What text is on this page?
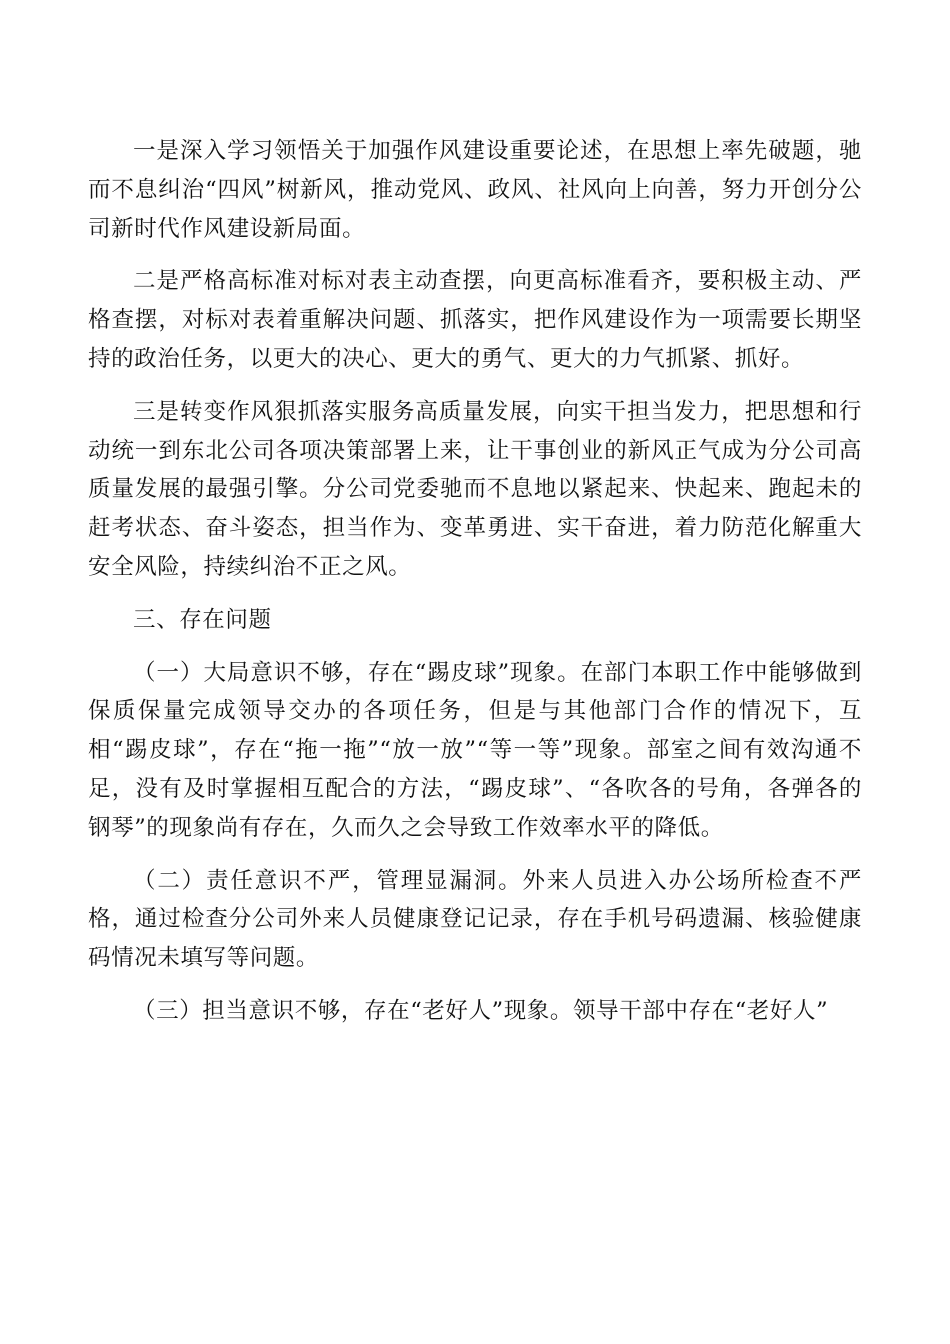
一是深入学习领悟关于加强作风建设重要论述，在思想上率先破题，驰而不息纠治“四风”树新风，推动党风、政风、社风向上向善，努力开创分公司新时代作风建设新局面。

二是严格高标准对标对表主动查摆，向更高标准看齐，要积极主动、严格查摆，对标对表着重解决问题、抓落实，把作风建设作为一项需要长期坚持的政治任务，以更大的决心、更大的勇气、更大的力气抓紧、抓好。

三是转变作风狠抓落实服务高质量发展，向实干担当发力，把思想和行动统一到东北公司各项决策部署上来，让干事创业的新风正气成为分公司高质量发展的最强引擎。分公司党委驰而不息地以紧起来、快起来、跑起未的赶考状态、奋斗姿态，担当作为、变革勇进、实干奋进，着力防范化解重大安全风险，持续纠治不正之风。

三、存在问题

（一）大局意识不够，存在“踢皮球”现象。在部门本职工作中能够做到保质保量完成领导交办的各项任务，但是与其他部门合作的情况下，互相“踢皮球”，存在“拖一拖”“放一放”“等一等”现象。部室之间有效沟通不足，没有及时掌握相互配合的方法，“踢皮球”、“各吹各的号角，各弹各的钢琴”的现象尚有存在，久而久之会导致工作效率水平的降低。

（二）责任意识不严，管理显漏洞。外来人员进入办公场所检查不严格，通过检查分公司外来人员健康登记记录，存在手机号码遗漏、核验健康码情况未填写等问题。

（三）担当意识不够，存在“老好人”现象。领导干部中存在“老好人”
